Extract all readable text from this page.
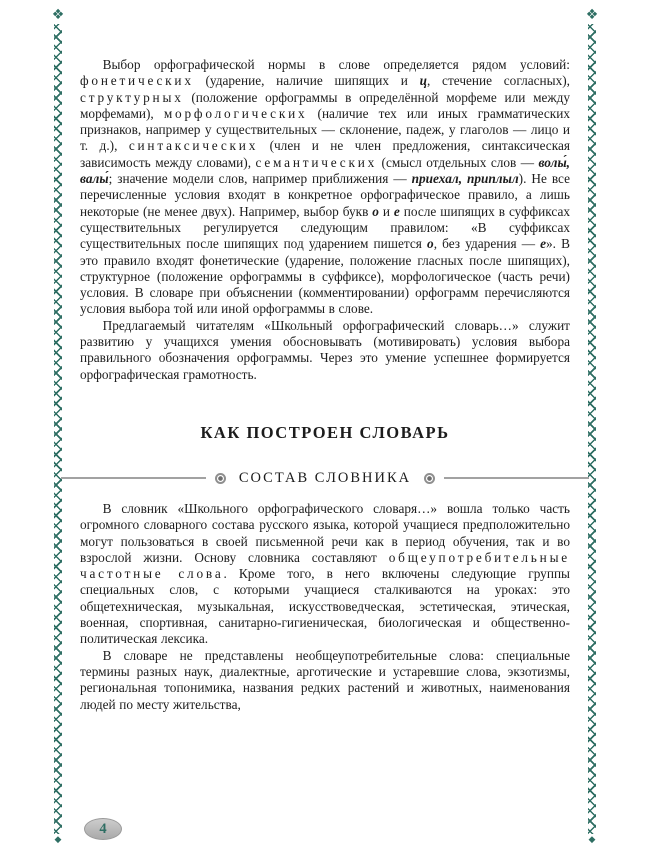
❖
◆
❖
◆

Выбор орфографической нормы в слове определяется рядом условий: фонетических (ударение, наличие шипящих и ц, стечение согласных), структурных (положение орфограммы в определённой морфеме или между морфемами), морфологических (наличие тех или иных грамматических признаков, например у существительных — склонение, падеж, у глаголов — лицо и т. д.), синтаксических (член и не член предложения, синтаксическая зависимость между словами), семантических (смысл отдельных слов — волы́, валы́; значение модели слов, например приближения — приехал, приплыл). Не все перечисленные условия входят в конкретное орфографическое правило, а лишь некоторые (не менее двух). Например, выбор букв о и е после шипящих в суффиксах существительных регулируется следующим правилом: «В суффиксах существительных после шипящих под ударением пишется о, без ударения — е». В это правило входят фонетические (ударение, положение гласных после шипящих), структурное (положение орфограммы в суффиксе), морфологическое (часть речи) условия. В словаре при объяснении (комментировании) орфограмм перечисляются условия выбора той или иной орфограммы в слове.

Предлагаемый читателям «Школьный орфографический словарь…» служит развитию у учащихся умения обосновывать (мотивировать) условия выбора правильного обозначения орфограммы. Через это умение успешнее формируется орфографическая грамотность.

КАК ПОСТРОЕН СЛОВАРЬ
СОСТАВ СЛОВНИКА

В словник «Школьного орфографического словаря…» вошла только часть огромного словарного состава русского языка, которой учащиеся предположительно могут пользоваться в своей письменной речи как в период обучения, так и во взрослой жизни. Основу словника составляют общеупотребительные частотные слова. Кроме того, в него включены следующие группы специальных слов, с которыми учащиеся сталкиваются на уроках: это общетехническая, музыкальная, искусствоведческая, эстетическая, этическая, военная, спортивная, санитарно-гигиеническая, биологическая и общественно-политическая лексика.

В словаре не представлены необщеупотребительные слова: специальные термины разных наук, диалектные, арготические и устаревшие слова, экзотизмы, региональная топонимика, названия редких растений и животных, наименования людей по месту жительства,

4
